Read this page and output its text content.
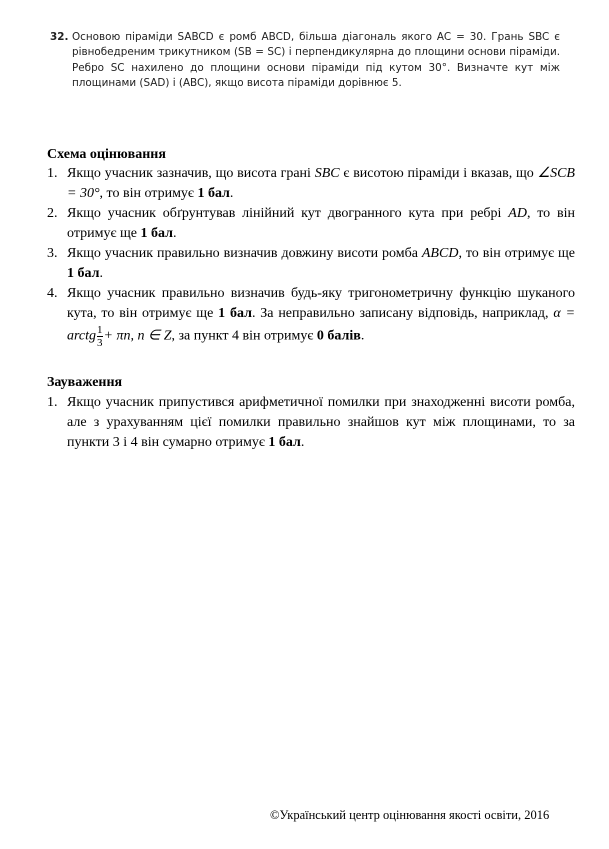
32. Основою піраміди SABCD є ромб ABCD, більша діагональ якого AC = 30. Грань SBC є рівнобедреним трикутником (SB = SC) і перпендикулярна до площини основи піраміди. Ребро SC нахилено до площини основи піраміди під кутом 30°. Визначте кут між площинами (SAD) і (ABC), якщо висота піраміди дорівнює 5.
Схема оцінювання
1. Якщо учасник зазначив, що висота грані SBC є висотою піраміди і вказав, що ∠SCB = 30°, то він отримує 1 бал.
2. Якщо учасник обґрунтував лінійний кут двогранного кута при ребрі AD, то він отримує ще 1 бал.
3. Якщо учасник правильно визначив довжину висоти ромба ABCD, то він отримує ще 1 бал.
4. Якщо учасник правильно визначив будь-яку тригонометричну функцію шуканого кута, то він отримує ще 1 бал. За неправильно записану відповідь, наприклад, α = arctg $\frac{1}{3} + \pi n$, n ∈ Z, за пункт 4 він отримує 0 балів.
Зауваження
1. Якщо учасник припустився арифметичної помилки при знаходженні висоти ромба, але з урахуванням цієї помилки правильно знайшов кут між площинами, то за пункти 3 і 4 він сумарно отримує 1 бал.
©Український центр оцінювання якості освіти, 2016
